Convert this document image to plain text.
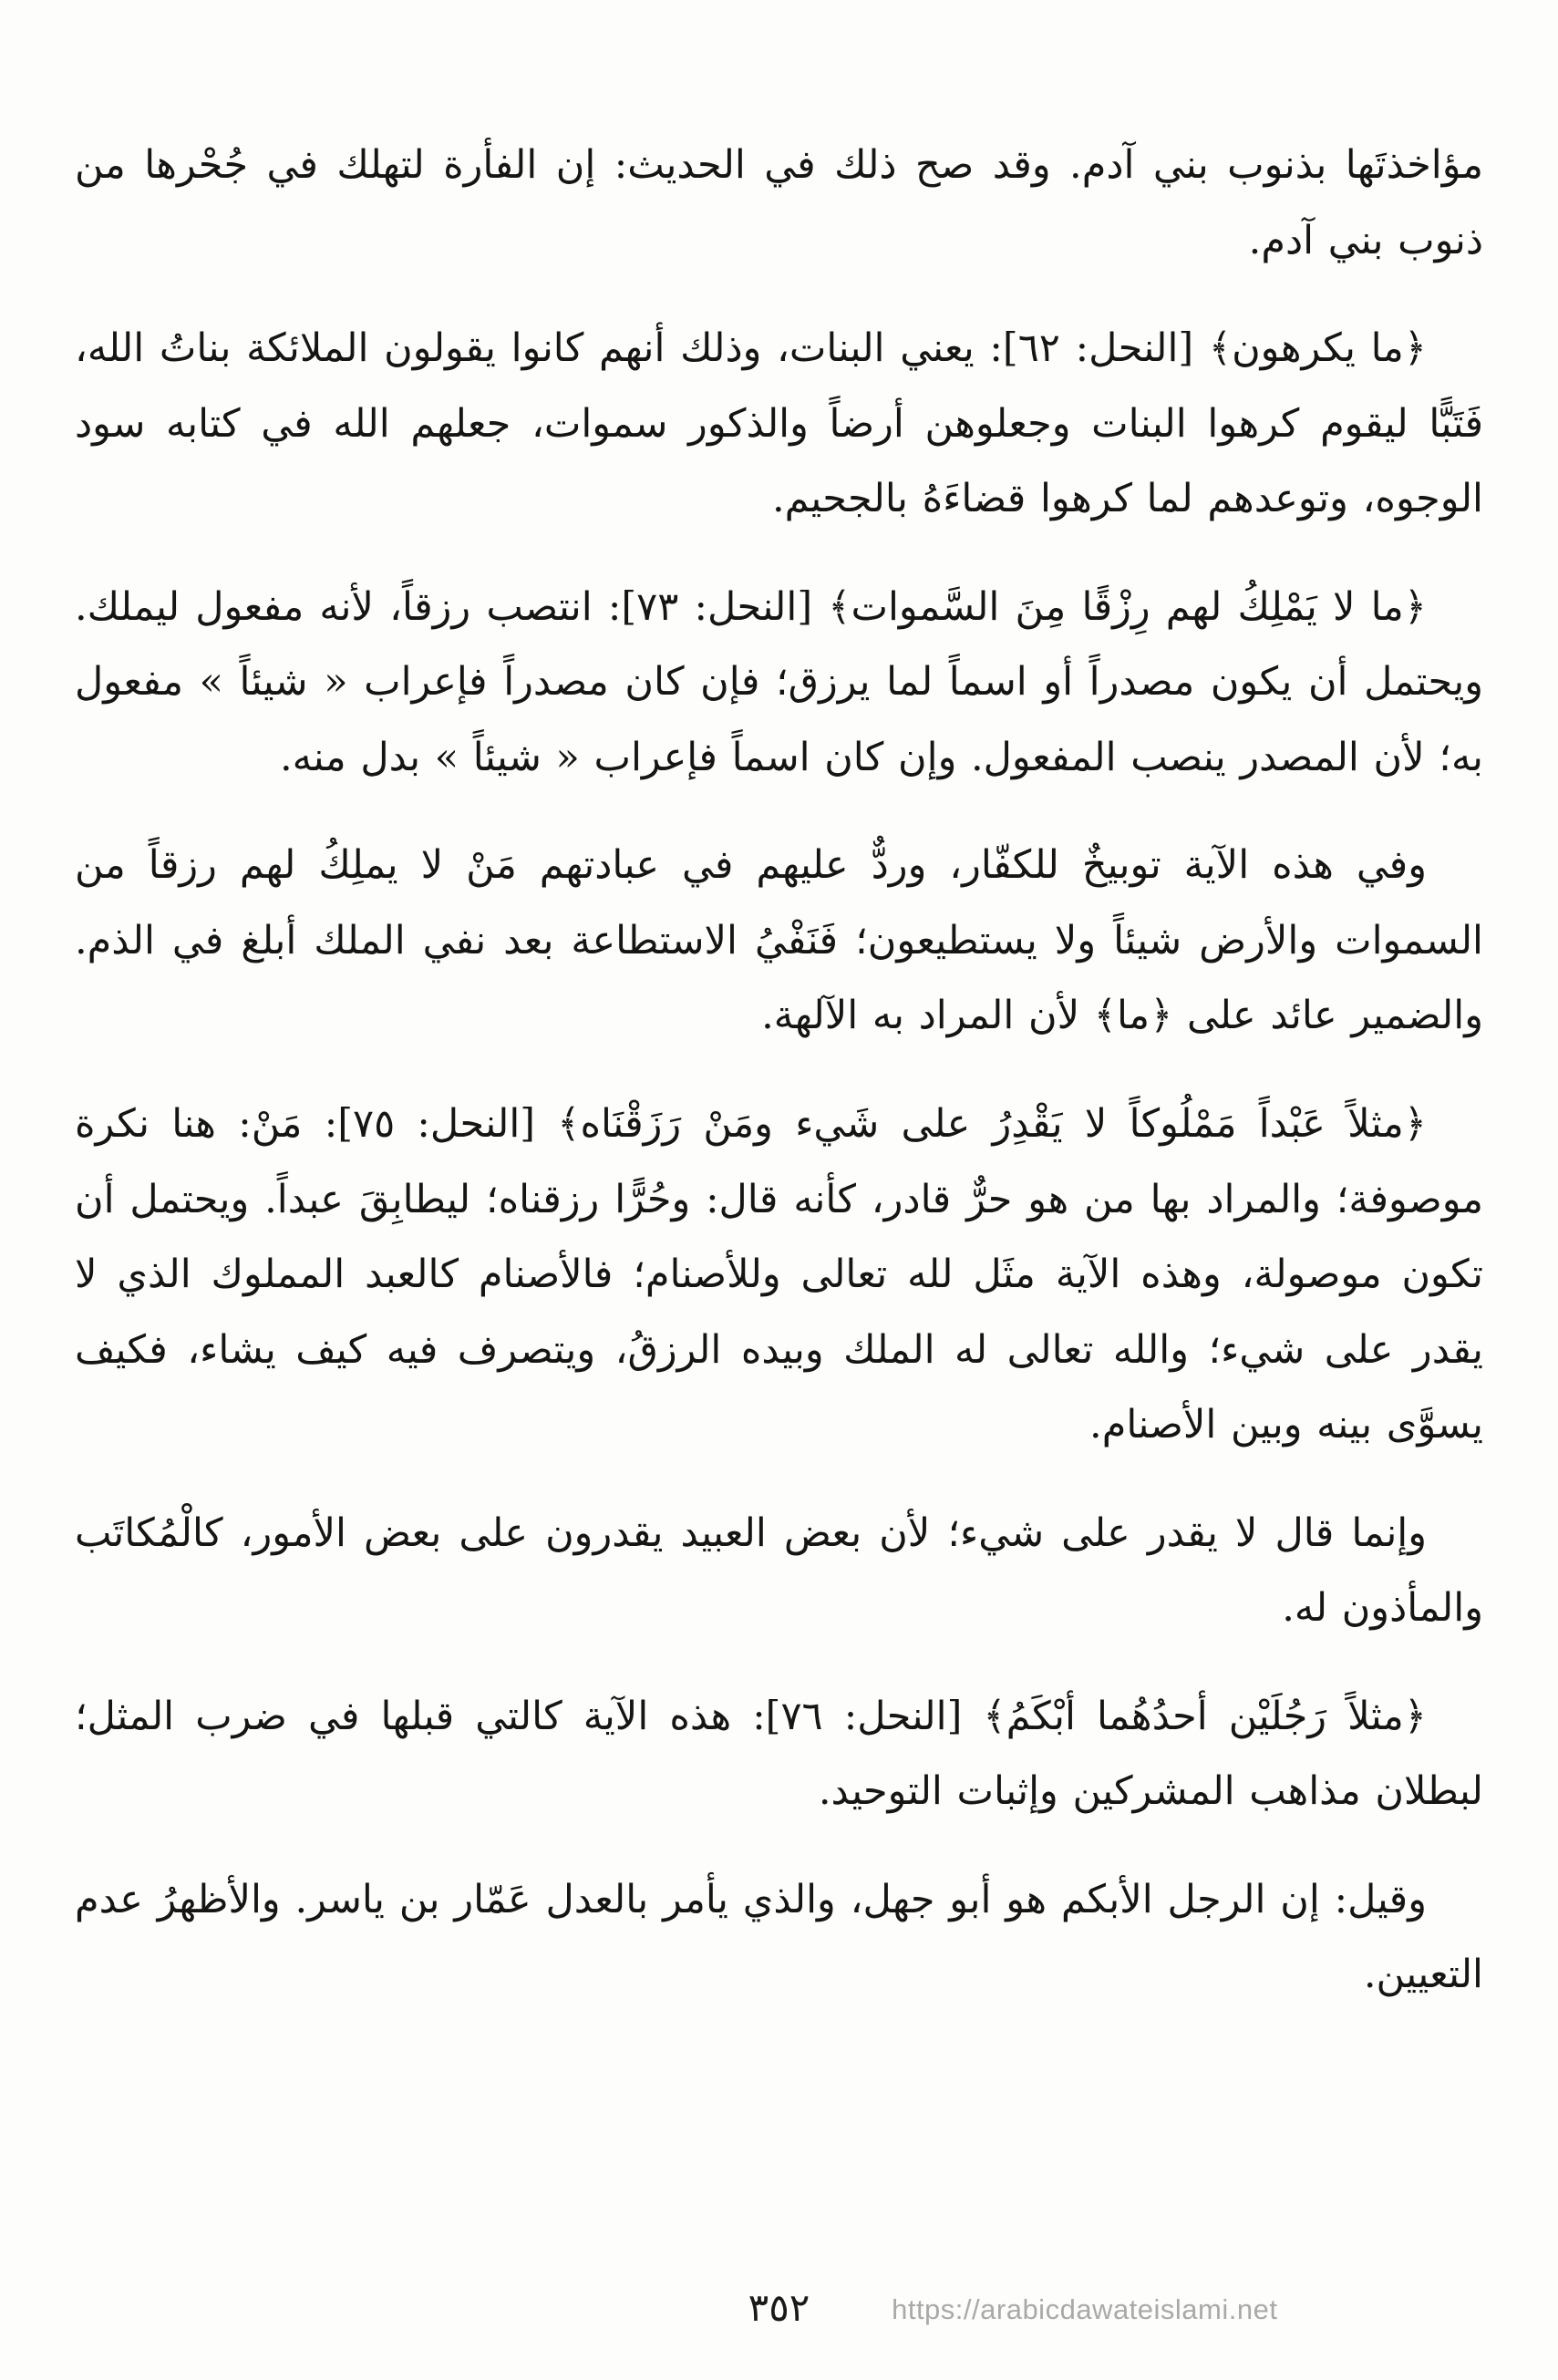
مؤاخذتَها بذنوب بني آدم. وقد صح ذلك في الحديث: إن الفأرة لتهلك في جُحْرها من ذنوب بني آدم.

﴿ما يكرهون﴾ [النحل: ٦٢]: يعني البنات، وذلك أنهم كانوا يقولون الملائكة بناتُ الله، فَتَبًّا ليقوم كرهوا البنات وجعلوهن أرضاً والذكور سموات، جعلهم الله في كتابه سود الوجوه، وتوعدهم لما كرهوا قضاءَهُ بالجحيم.

﴿ما لا يَمْلِكُ لهم رِزْقًا مِنَ السَّموات﴾ [النحل: ٧٣]: انتصب رزقاً، لأنه مفعول ليملك. ويحتمل أن يكون مصدراً أو اسماً لما يرزق؛ فإن كان مصدراً فإعراب « شيئاً » مفعول به؛ لأن المصدر ينصب المفعول. وإن كان اسماً فإعراب « شيئاً » بدل منه.

وفي هذه الآية توبيخٌ للكفّار، وردٌّ عليهم في عبادتهم مَنْ لا يملِكُ لهم رزقاً من السموات والأرض شيئاً ولا يستطيعون؛ فَنَفْيُ الاستطاعة بعد نفي الملك أبلغ في الذم. والضمير عائد على ﴿ما﴾ لأن المراد به الآلهة.

﴿مثلاً عَبْداً مَمْلُوكاً لا يَقْدِرُ على شَيء ومَنْ رَزَقْنَاه﴾ [النحل: ٧٥]: مَنْ: هنا نكرة موصوفة؛ والمراد بها من هو حرٌّ قادر، كأنه قال: وحُرًّا رزقناه؛ ليطابِقَ عبداً. ويحتمل أن تكون موصولة، وهذه الآية مثَل لله تعالى وللأصنام؛ فالأصنام كالعبد المملوك الذي لا يقدر على شيء؛ والله تعالى له الملك وبيده الرزقُ، ويتصرف فيه كيف يشاء، فكيف يسوَّى بينه وبين الأصنام.

وإنما قال لا يقدر على شيء؛ لأن بعض العبيد يقدرون على بعض الأمور، كالْمُكاتَب والمأذون له.

﴿مثلاً رَجُلَيْن أحدُهُما أبْكَمُ﴾ [النحل: ٧٦]: هذه الآية كالتي قبلها في ضرب المثل؛ لبطلان مذاهب المشركين وإثبات التوحيد.

وقيل: إن الرجل الأبكم هو أبو جهل، والذي يأمر بالعدل عَمّار بن ياسر. والأظهرُ عدم التعيين.

٣٥٢	https://arabicdawateislami.net
